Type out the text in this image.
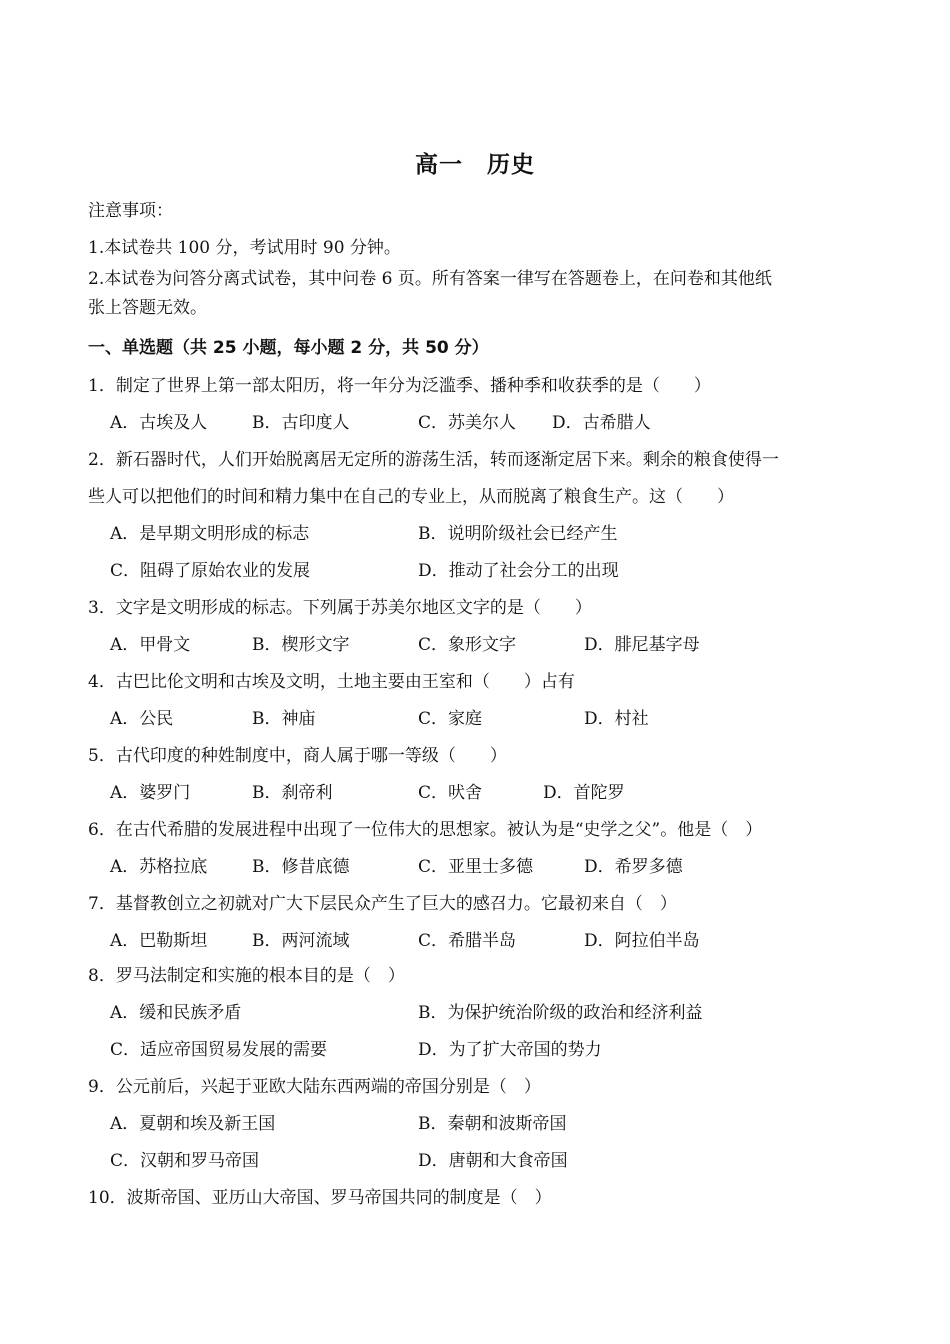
高一　历史
注意事项：
1.本试卷共 100 分，考试用时 90 分钟。
2.本试卷为问答分离式试卷，其中问卷 6 页。所有答案一律写在答题卷上，在问卷和其他纸
张上答题无效。
一、单选题（共 25 小题，每小题 2 分，共 50 分）
1．制定了世界上第一部太阳历，将一年分为泛滥季、播种季和收获季的是（　　）
A．古埃及人	B．古印度人	C．苏美尔人 D．古希腊人
2．新石器时代，人们开始脱离居无定所的游荡生活，转而逐渐定居下来。剩余的粮食使得一
些人可以把他们的时间和精力集中在自己的专业上，从而脱离了粮食生产。这（　　）
A．是早期文明形成的标志	B．说明阶级社会已经产生
C．阻碍了原始农业的发展	D．推动了社会分工的出现
3．文字是文明形成的标志。下列属于苏美尔地区文字的是（　　）
A．甲骨文	B．楔形文字	C．象形文字	D．腓尼基字母
4．古巴比伦文明和古埃及文明，土地主要由王室和（　　）占有
A．公民	B．神庙	C．家庭	D．村社
5．古代印度的种姓制度中，商人属于哪一等级（　　）
A．婆罗门	B．刹帝利	C．吠舍	D．首陀罗
6．在古代希腊的发展进程中出现了一位伟大的思想家。被认为是“史学之父”。他是（　）
A．苏格拉底	B．修昔底德	C．亚里士多德	D．希罗多德
7．基督教创立之初就对广大下层民众产生了巨大的感召力。它最初来自（　）
A．巴勒斯坦	B．两河流域	C．希腊半岛	D．阿拉伯半岛
8．罗马法制定和实施的根本目的是（　）
A．缓和民族矛盾	B．为保护统治阶级的政治和经济利益
C．适应帝国贸易发展的需要	D．为了扩大帝国的势力
9．公元前后，兴起于亚欧大陆东西两端的帝国分别是（　）
A．夏朝和埃及新王国	B．秦朝和波斯帝国
C．汉朝和罗马帝国	D．唐朝和大食帝国
10．波斯帝国、亚历山大帝国、罗马帝国共同的制度是（　）
